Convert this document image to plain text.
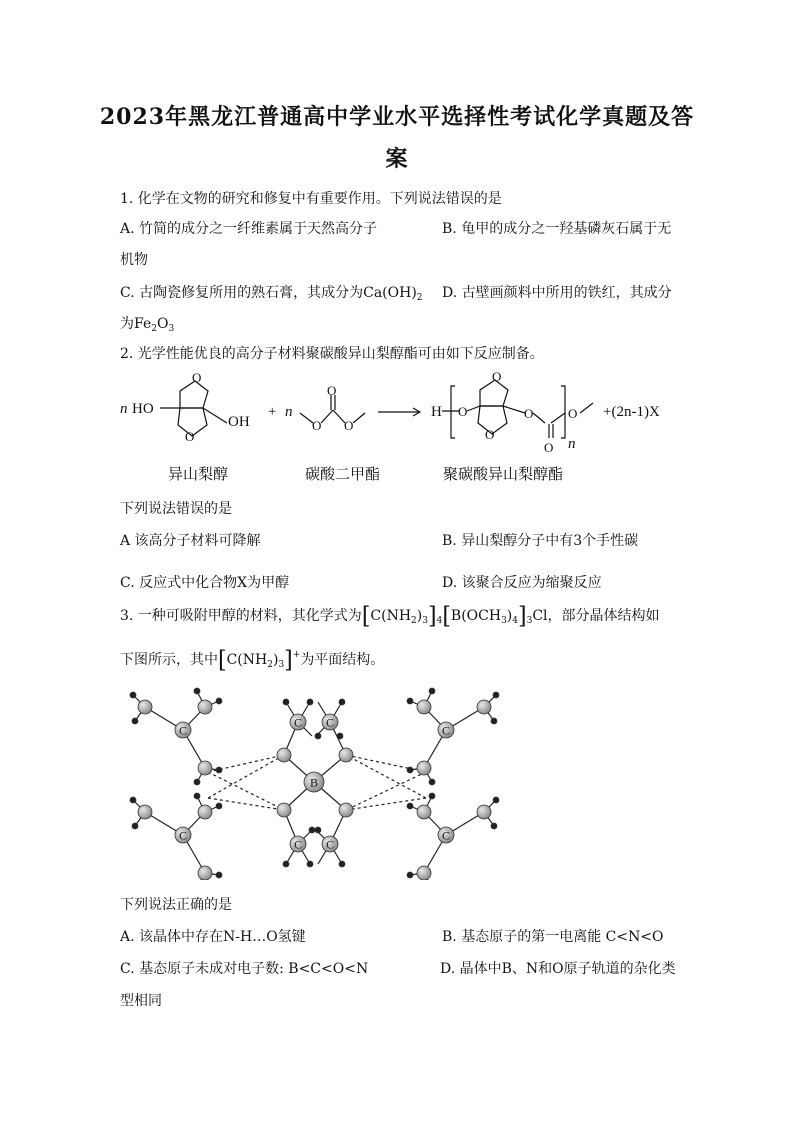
2023年黑龙江普通高中学业水平选择性考试化学真题及答
案
1. 化学在文物的研究和修复中有重要作用。下列说法错误的是
A. 竹简的成分之一纤维素属于天然高分子	B. 龟甲的成分之一羟基磷灰石属于无
机物
C. 古陶瓷修复所用的熟石膏，其成分为$Ca(OH)_2$ D. 古壁画颜料中所用的铁红，其成分
为$Fe_2O_3$
2. 光学性能优良的高分子材料聚碳酸异山梨醇酯可由如下反应制备。
n HO
O
O
OH
+ n
O O
O
H O
O
O
O
O
O
n
+(2n-1)X
异山梨醇	碳酸二甲酯	聚碳酸异山梨醇酯
下列说法错误的是
A 该高分子材料可降解	B. 异山梨醇分子中有3个手性碳
C. 反应式中化合物X为甲醇	D. 该聚合反应为缩聚反应
3. 一种可吸附甲醇的材料，其化学式为$[C(NH_2)_3]_4[B(OCH_3)_4]_3Cl$，部分晶体结构如
下图所示，其中$[C(NH_2)_3]^+$为平面结构。
B
C C
C C
C
C
C
C
下列说法正确的是
A. 该晶体中存在N-H…O氢键	B. 基态原子的第一电离能 C<N<O
C. 基态原子未成对电子数: B<C<O<N	D. 晶体中B、N和O原子轨道的杂化类
型相同
